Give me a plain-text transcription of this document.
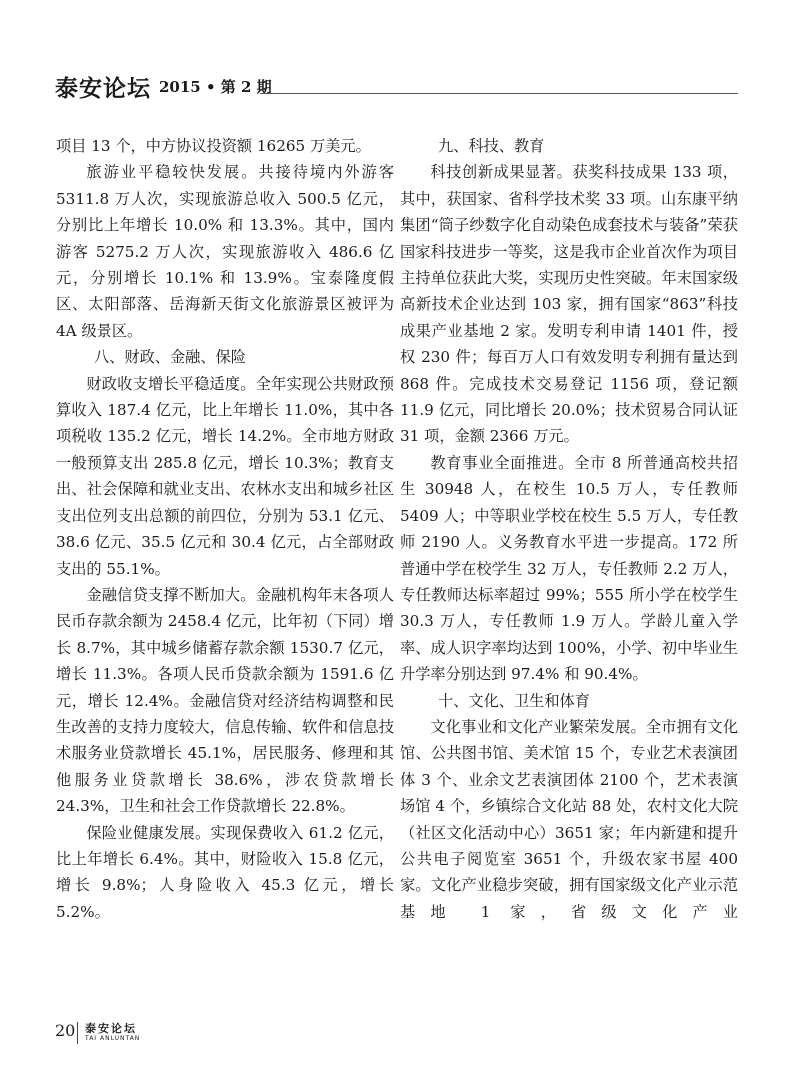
泰安论坛 2015 • 第 2 期

项目 13 个，中方协议投资额 16265 万美元。

旅游业平稳较快发展。共接待境内外游客 5311.8 万人次，实现旅游总收入 500.5 亿元，分别比上年增长 10.0% 和 13.3%。其中，国内游客 5275.2 万人次，实现旅游收入 486.6 亿元，分别增长 10.1% 和 13.9%。宝泰隆度假区、太阳部落、岳海新天街文化旅游景区被评为 4A 级景区。

八、财政、金融、保险

财政收支增长平稳适度。全年实现公共财政预算收入 187.4 亿元，比上年增长 11.0%，其中各项税收 135.2 亿元，增长 14.2%。全市地方财政一般预算支出 285.8 亿元，增长 10.3%；教育支出、社会保障和就业支出、农林水支出和城乡社区支出位列支出总额的前四位，分别为 53.1 亿元、38.6 亿元、35.5 亿元和 30.4 亿元，占全部财政支出的 55.1%。

金融信贷支撑不断加大。金融机构年末各项人民币存款余额为 2458.4 亿元，比年初（下同）增长 8.7%，其中城乡储蓄存款余额 1530.7 亿元，增长 11.3%。各项人民币贷款余额为 1591.6 亿元，增长 12.4%。金融信贷对经济结构调整和民生改善的支持力度较大，信息传输、软件和信息技术服务业贷款增长 45.1%，居民服务、修理和其他服务业贷款增长 38.6%，涉农贷款增长 24.3%，卫生和社会工作贷款增长 22.8%。

保险业健康发展。实现保费收入 61.2 亿元，比上年增长 6.4%。其中，财险收入 15.8 亿元，增长 9.8%；人身险收入 45.3 亿元，增长 5.2%。

九、科技、教育

科技创新成果显著。获奖科技成果 133 项，其中，获国家、省科学技术奖 33 项。山东康平纳集团“筒子纱数字化自动染色成套技术与装备”荣获国家科技进步一等奖，这是我市企业首次作为项目主持单位获此大奖，实现历史性突破。年末国家级高新技术企业达到 103 家，拥有国家“863”科技成果产业基地 2 家。发明专利申请 1401 件，授权 230 件；每百万人口有效发明专利拥有量达到 868 件。完成技术交易登记 1156 项，登记额 11.9 亿元，同比增长 20.0%；技术贸易合同认证 31 项，金额 2366 万元。

教育事业全面推进。全市 8 所普通高校共招生 30948 人，在校生 10.5 万人，专任教师 5409 人；中等职业学校在校生 5.5 万人，专任教师 2190 人。义务教育水平进一步提高。172 所普通中学在校学生 32 万人，专任教师 2.2 万人，专任教师达标率超过 99%；555 所小学在校学生 30.3 万人，专任教师 1.9 万人。学龄儿童入学率、成人识字率均达到 100%，小学、初中毕业生升学率分别达到 97.4% 和 90.4%。

十、文化、卫生和体育

文化事业和文化产业繁荣发展。全市拥有文化馆、公共图书馆、美术馆 15 个，专业艺术表演团体 3 个、业余文艺表演团体 2100 个，艺术表演场馆 4 个，乡镇综合文化站 88 处，农村文化大院（社区文化活动中心）3651 家；年内新建和提升公共电子阅览室 3651 个，升级农家书屋 400 家。文化产业稳步突破，拥有国家级文化产业示范基地 1 家，省级文化产业

20 泰安论坛
TAI ANLUNTAN
